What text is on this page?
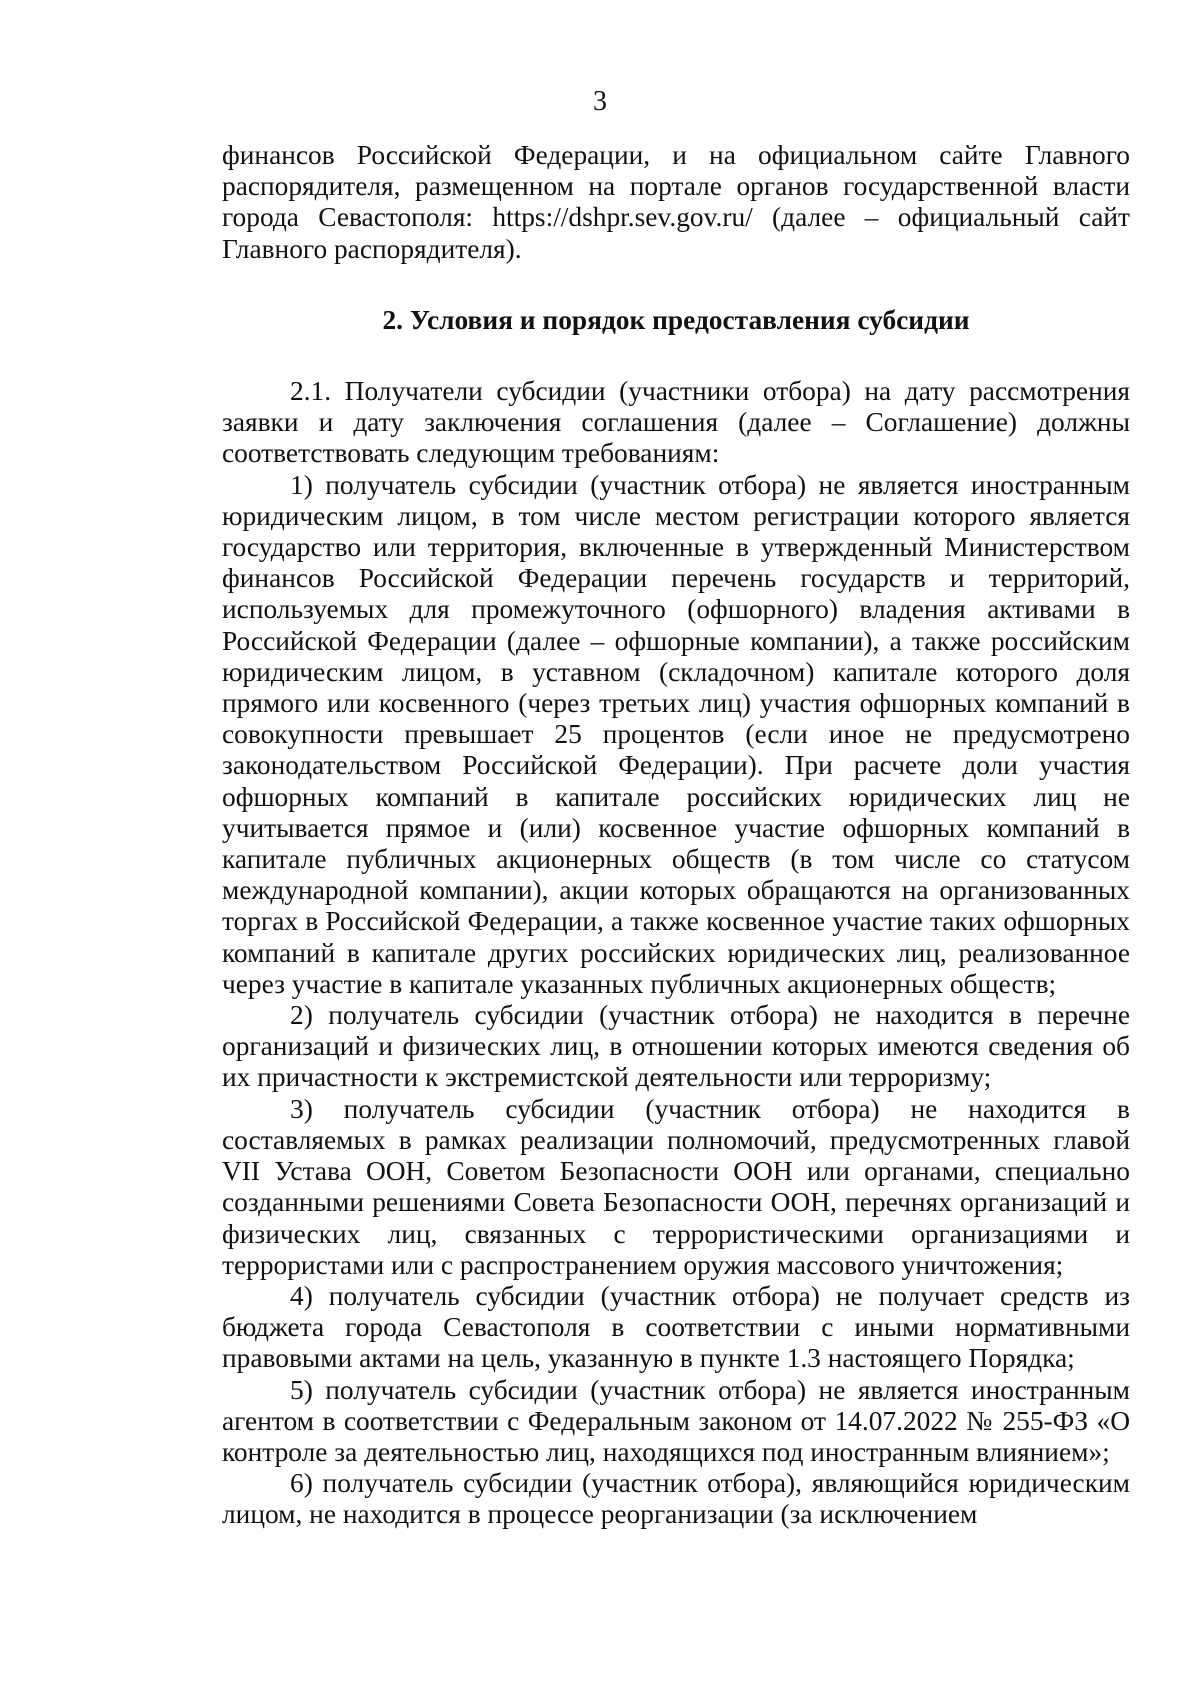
3

финансов Российской Федерации, и на официальном сайте Главного распорядителя, размещенном на портале органов государственной власти города Севастополя: https://dshpr.sev.gov.ru/ (далее – официальный сайт Главного распорядителя).

2. Условия и порядок предоставления субсидии

2.1. Получатели субсидии (участники отбора) на дату рассмотрения заявки и дату заключения соглашения (далее – Соглашение) должны соответствовать следующим требованиям:

1) получатель субсидии (участник отбора) не является иностранным юридическим лицом, в том числе местом регистрации которого является государство или территория, включенные в утвержденный Министерством финансов Российской Федерации перечень государств и территорий, используемых для промежуточного (офшорного) владения активами в Российской Федерации (далее – офшорные компании), а также российским юридическим лицом, в уставном (складочном) капитале которого доля прямого или косвенного (через третьих лиц) участия офшорных компаний в совокупности превышает 25 процентов (если иное не предусмотрено законодательством Российской Федерации). При расчете доли участия офшорных компаний в капитале российских юридических лиц не учитывается прямое и (или) косвенное участие офшорных компаний в капитале публичных акционерных обществ (в том числе со статусом международной компании), акции которых обращаются на организованных торгах в Российской Федерации, а также косвенное участие таких офшорных компаний в капитале других российских юридических лиц, реализованное через участие в капитале указанных публичных акционерных обществ;

2) получатель субсидии (участник отбора) не находится в перечне организаций и физических лиц, в отношении которых имеются сведения об их причастности к экстремистской деятельности или терроризму;

3) получатель субсидии (участник отбора) не находится в составляемых в рамках реализации полномочий, предусмотренных главой VII Устава ООН, Советом Безопасности ООН или органами, специально созданными решениями Совета Безопасности ООН, перечнях организаций и физических лиц, связанных с террористическими организациями и террористами или с распространением оружия массового уничтожения;

4) получатель субсидии (участник отбора) не получает средств из бюджета города Севастополя в соответствии с иными нормативными правовыми актами на цель, указанную в пункте 1.3 настоящего Порядка;

5) получатель субсидии (участник отбора) не является иностранным агентом в соответствии с Федеральным законом от 14.07.2022 № 255-ФЗ «О контроле за деятельностью лиц, находящихся под иностранным влиянием»;

6) получатель субсидии (участник отбора), являющийся юридическим лицом, не находится в процессе реорганизации (за исключением
